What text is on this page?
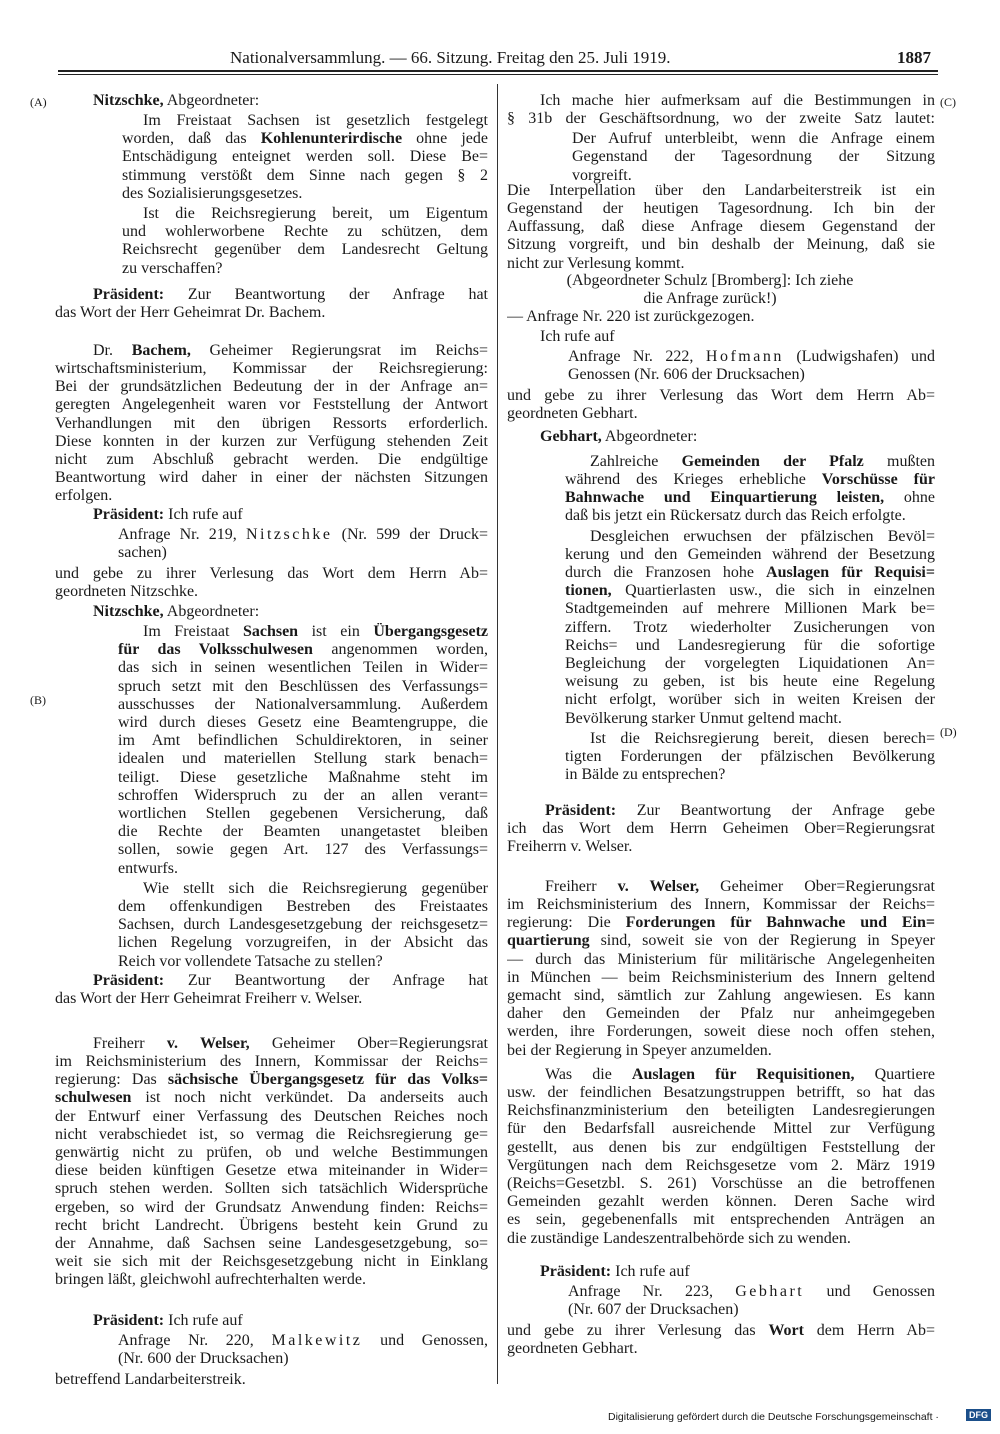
Nationalversammlung. — 66. Sitzung. Freitag den 25. Juli 1919.	1887
(A)
(B)
(C)
(D)
Nitzschke, Abgeordneter:
Im Freistaat Sachsen ist gesetzlich festgelegt
worden, daß das Kohlenunterirdische ohne jede
Entschädigung enteignet werden soll. Diese Be=
stimmung verstößt dem Sinne nach gegen § 2
des Sozialisierungsgesetzes.
Ist die Reichsregierung bereit, um Eigentum
und wohlerworbene Rechte zu schützen, dem
Reichsrecht gegenüber dem Landesrecht Geltung
zu verschaffen?
Präsident: Zur Beantwortung der Anfrage hat
das Wort der Herr Geheimrat Dr. Bachem.
Dr. Bachem, Geheimer Regierungsrat im Reichs=
wirtschaftsministerium, Kommissar der Reichsregierung:
Bei der grundsätzlichen Bedeutung der in der Anfrage an=
geregten Angelegenheit waren vor Feststellung der Antwort
Verhandlungen mit den übrigen Ressorts erforderlich.
Diese konnten in der kurzen zur Verfügung stehenden Zeit
nicht zum Abschluß gebracht werden. Die endgültige
Beantwortung wird daher in einer der nächsten Sitzungen
erfolgen.
Präsident: Ich rufe auf
Anfrage Nr. 219, Nitzschke (Nr. 599 der Druck=
sachen)
und gebe zu ihrer Verlesung das Wort dem Herrn Ab=
geordneten Nitzschke.
Nitzschke, Abgeordneter:
Im Freistaat Sachsen ist ein Übergangsgesetz
für das Volksschulwesen angenommen worden,
das sich in seinen wesentlichen Teilen in Wider=
spruch setzt mit den Beschlüssen des Verfassungs=
ausschusses der Nationalversammlung. Außerdem
wird durch dieses Gesetz eine Beamtengruppe, die
im Amt befindlichen Schuldirektoren, in seiner
idealen und materiellen Stellung stark benach=
teiligt. Diese gesetzliche Maßnahme steht im
schroffen Widerspruch zu der an allen verant=
wortlichen Stellen gegebenen Versicherung, daß
die Rechte der Beamten unangetastet bleiben
sollen, sowie gegen Art. 127 des Verfassungs=
entwurfs.
Wie stellt sich die Reichsregierung gegenüber
dem offenkundigen Bestreben des Freistaates
Sachsen, durch Landesgesetzgebung der reichsgesetz=
lichen Regelung vorzugreifen, in der Absicht das
Reich vor vollendete Tatsache zu stellen?
Präsident: Zur Beantwortung der Anfrage hat
das Wort der Herr Geheimrat Freiherr v. Welser.
Freiherr v. Welser, Geheimer Ober=Regierungsrat
im Reichsministerium des Innern, Kommissar der Reichs=
regierung: Das sächsische Übergangsgesetz für das Volks=
schulwesen ist noch nicht verkündet. Da anderseits auch
der Entwurf einer Verfassung des Deutschen Reiches noch
nicht verabschiedet ist, so vermag die Reichsregierung ge=
genwärtig nicht zu prüfen, ob und welche Bestimmungen
diese beiden künftigen Gesetze etwa miteinander in Wider=
spruch stehen werden. Sollten sich tatsächlich Widersprüche
ergeben, so wird der Grundsatz Anwendung finden: Reichs=
recht bricht Landrecht. Übrigens besteht kein Grund zu
der Annahme, daß Sachsen seine Landesgesetzgebung, so=
weit sie sich mit der Reichsgesetzgebung nicht in Einklang
bringen läßt, gleichwohl aufrechterhalten werde.
Präsident: Ich rufe auf
Anfrage Nr. 220, Malkewitz und Genossen,
(Nr. 600 der Drucksachen)
betreffend Landarbeiterstreik.
Ich mache hier aufmerksam auf die Bestimmungen in
§ 31b der Geschäftsordnung, wo der zweite Satz lautet:
Der Aufruf unterbleibt, wenn die Anfrage einem
Gegenstand der Tagesordnung der Sitzung
vorgreift.
Die Interpellation über den Landarbeiterstreik ist ein
Gegenstand der heutigen Tagesordnung. Ich bin der
Auffassung, daß diese Anfrage diesem Gegenstand der
Sitzung vorgreift, und bin deshalb der Meinung, daß sie
nicht zur Verlesung kommt.
(Abgeordneter Schulz [Bromberg]: Ich ziehe
die Anfrage zurück!)
— Anfrage Nr. 220 ist zurückgezogen.
Ich rufe auf
Anfrage Nr. 222, Hofmann (Ludwigshafen) und
Genossen (Nr. 606 der Drucksachen)
und gebe zu ihrer Verlesung das Wort dem Herrn Ab=
geordneten Gebhart.
Gebhart, Abgeordneter:
Zahlreiche Gemeinden der Pfalz mußten
während des Krieges erhebliche Vorschüsse für
Bahnwache und Einquartierung leisten, ohne
daß bis jetzt ein Rückersatz durch das Reich erfolgte.
Desgleichen erwuchsen der pfälzischen Bevöl=
kerung und den Gemeinden während der Besetzung
durch die Franzosen hohe Auslagen für Requisi=
tionen, Quartierlasten usw., die sich in einzelnen
Stadtgemeinden auf mehrere Millionen Mark be=
ziffern. Trotz wiederholter Zusicherungen von
Reichs= und Landesregierung für die sofortige
Begleichung der vorgelegten Liquidationen An=
weisung zu geben, ist bis heute eine Regelung
nicht erfolgt, worüber sich in weiten Kreisen der
Bevölkerung starker Unmut geltend macht.
Ist die Reichsregierung bereit, diesen berech=
tigten Forderungen der pfälzischen Bevölkerung
in Bälde zu entsprechen?
Präsident: Zur Beantwortung der Anfrage gebe
ich das Wort dem Herrn Geheimen Ober=Regierungsrat
Freiherrn v. Welser.
Freiherr v. Welser, Geheimer Ober=Regierungsrat
im Reichsministerium des Innern, Kommissar der Reichs=
regierung: Die Forderungen für Bahnwache und Ein=
quartierung sind, soweit sie von der Regierung in Speyer
— durch das Ministerium für militärische Angelegenheiten
in München — beim Reichsministerium des Innern geltend
gemacht sind, sämtlich zur Zahlung angewiesen. Es kann
daher den Gemeinden der Pfalz nur anheimgegeben
werden, ihre Forderungen, soweit diese noch offen stehen,
bei der Regierung in Speyer anzumelden.
Was die Auslagen für Requisitionen, Quartiere
usw. der feindlichen Besatzungstruppen betrifft, so hat das
Reichsfinanzministerium den beteiligten Landesregierungen
für den Bedarfsfall ausreichende Mittel zur Verfügung
gestellt, aus denen bis zur endgültigen Feststellung der
Vergütungen nach dem Reichsgesetze vom 2. März 1919
(Reichs=Gesetzbl. S. 261) Vorschüsse an die betroffenen
Gemeinden gezahlt werden können. Deren Sache wird
es sein, gegebenenfalls mit entsprechenden Anträgen an
die zuständige Landeszentralbehörde sich zu wenden.
Präsident: Ich rufe auf
Anfrage Nr. 223, Gebhart und Genossen
(Nr. 607 der Drucksachen)
und gebe zu ihrer Verlesung das Wort dem Herrn Ab=
geordneten Gebhart.
Digitalisierung gefördert durch die Deutsche Forschungsgemeinschaft ·	DFG
